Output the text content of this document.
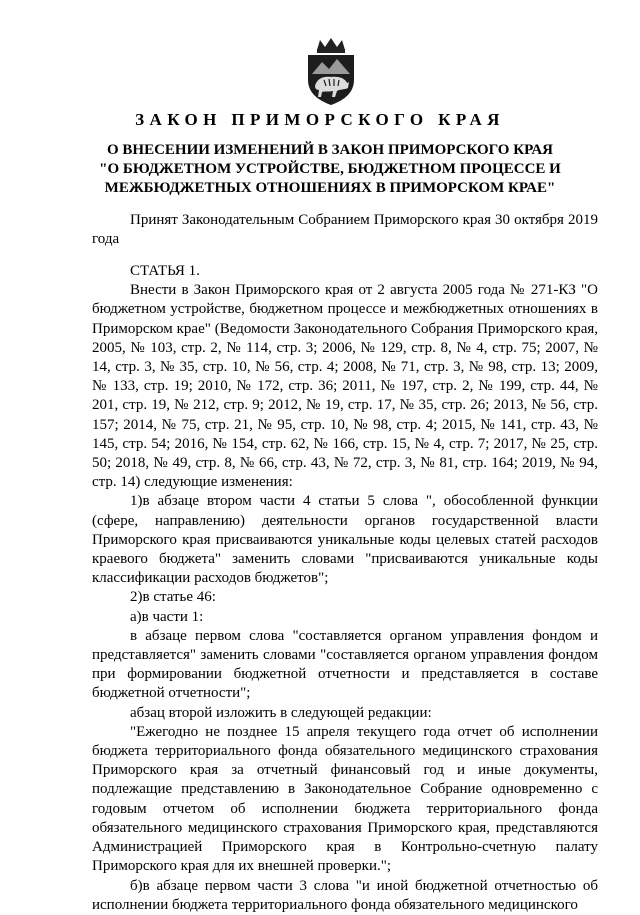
ЗАКОН ПРИМОРСКОГО КРАЯ
О ВНЕСЕНИИ ИЗМЕНЕНИЙ В ЗАКОН ПРИМОРСКОГО КРАЯ
"О БЮДЖЕТНОМ УСТРОЙСТВЕ, БЮДЖЕТНОМ ПРОЦЕССЕ И
МЕЖБЮДЖЕТНЫХ ОТНОШЕНИЯХ В ПРИМОРСКОМ КРАЕ"

Принят Законодательным Собранием Приморского края 30 октября 2019 года

СТАТЬЯ 1.

Внести в Закон Приморского края от 2 августа 2005 года № 271-КЗ "О бюджетном устройстве, бюджетном процессе и межбюджетных отношениях в Приморском крае" (Ведомости Законодательного Собрания Приморского края, 2005, № 103, стр. 2, № 114, стр. 3; 2006, № 129, стр. 8, № 4, стр. 75; 2007, № 14, стр. 3, № 35, стр. 10, № 56, стр. 4; 2008, № 71, стр. 3, № 98, стр. 13; 2009, № 133, стр. 19; 2010, № 172, стр. 36; 2011, № 197, стр. 2, № 199, стр. 44, № 201, стр. 19, № 212, стр. 9; 2012, № 19, стр. 17, № 35, стр. 26; 2013, № 56, стр. 157; 2014, № 75, стр. 21, № 95, стр. 10, № 98, стр. 4; 2015, № 141, стр. 43, № 145, стр. 54; 2016, № 154, стр. 62, № 166, стр. 15, № 4, стр. 7; 2017, № 25, стр. 50; 2018, № 49, стр. 8, № 66, стр. 43, № 72, стр. 3, № 81, стр. 164; 2019, № 94, стр. 14) следующие изменения:

1)в абзаце втором части 4 статьи 5 слова ", обособленной функции (сфере, направлению) деятельности органов государственной власти Приморского края присваиваются уникальные коды целевых статей расходов краевого бюджета" заменить словами "присваиваются уникальные коды классификации расходов бюджетов";

2)в статье 46:

а)в части 1:

в абзаце первом слова "составляется органом управления фондом и представляется" заменить словами "составляется органом управления фондом при формировании бюджетной отчетности и представляется в составе бюджетной отчетности";

абзац второй изложить в следующей редакции:

"Ежегодно не позднее 15 апреля текущего года отчет об исполнении бюджета территориального фонда обязательного медицинского страхования Приморского края за отчетный финансовый год и иные документы, подлежащие представлению в Законодательное Собрание одновременно с годовым отчетом об исполнении бюджета территориального фонда обязательного медицинского страхования Приморского края, представляются Администрацией Приморского края в Контрольно-счетную палату Приморского края для их внешней проверки.";

б)в абзаце первом части 3 слова "и иной бюджетной отчетностью об исполнении бюджета территориального фонда обязательного медицинского
